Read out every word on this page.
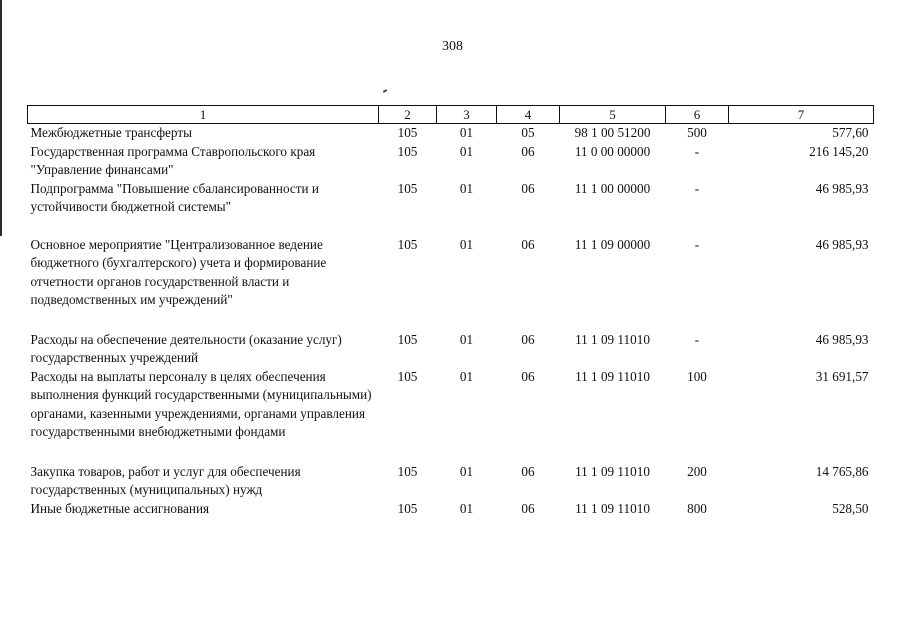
308
1	2	3	4	5	6	7
Межбюджетные трансферты	105	01	05	98 1 00 51200	500	577,60
Государственная программа Ставропольского края "Управление финансами"	105	01	06	11 0 00 00000	-	216 145,20
Подпрограмма "Повышение сбалансированности и устойчивости бюджетной системы"	105	01	06	11 1 00 00000	-	46 985,93
Основное мероприятие "Централизованное ведение бюджетного (бухгалтерского) учета и формирование отчетности органов государственной власти и подведомственных им учреждений"	105	01	06	11 1 09 00000	-	46 985,93
Расходы на обеспечение деятельности (оказание услуг) государственных учреждений	105	01	06	11 1 09 11010	-	46 985,93
Расходы на выплаты персоналу в целях обеспечения выполнения функций государственными (муниципальными) органами, казенными учреждениями, органами управления государственными внебюджетными фондами	105	01	06	11 1 09 11010	100	31 691,57
Закупка товаров, работ и услуг для обеспечения государственных (муниципальных) нужд	105	01	06	11 1 09 11010	200	14 765,86
Иные бюджетные ассигнования	105	01	06	11 1 09 11010	800	528,50
